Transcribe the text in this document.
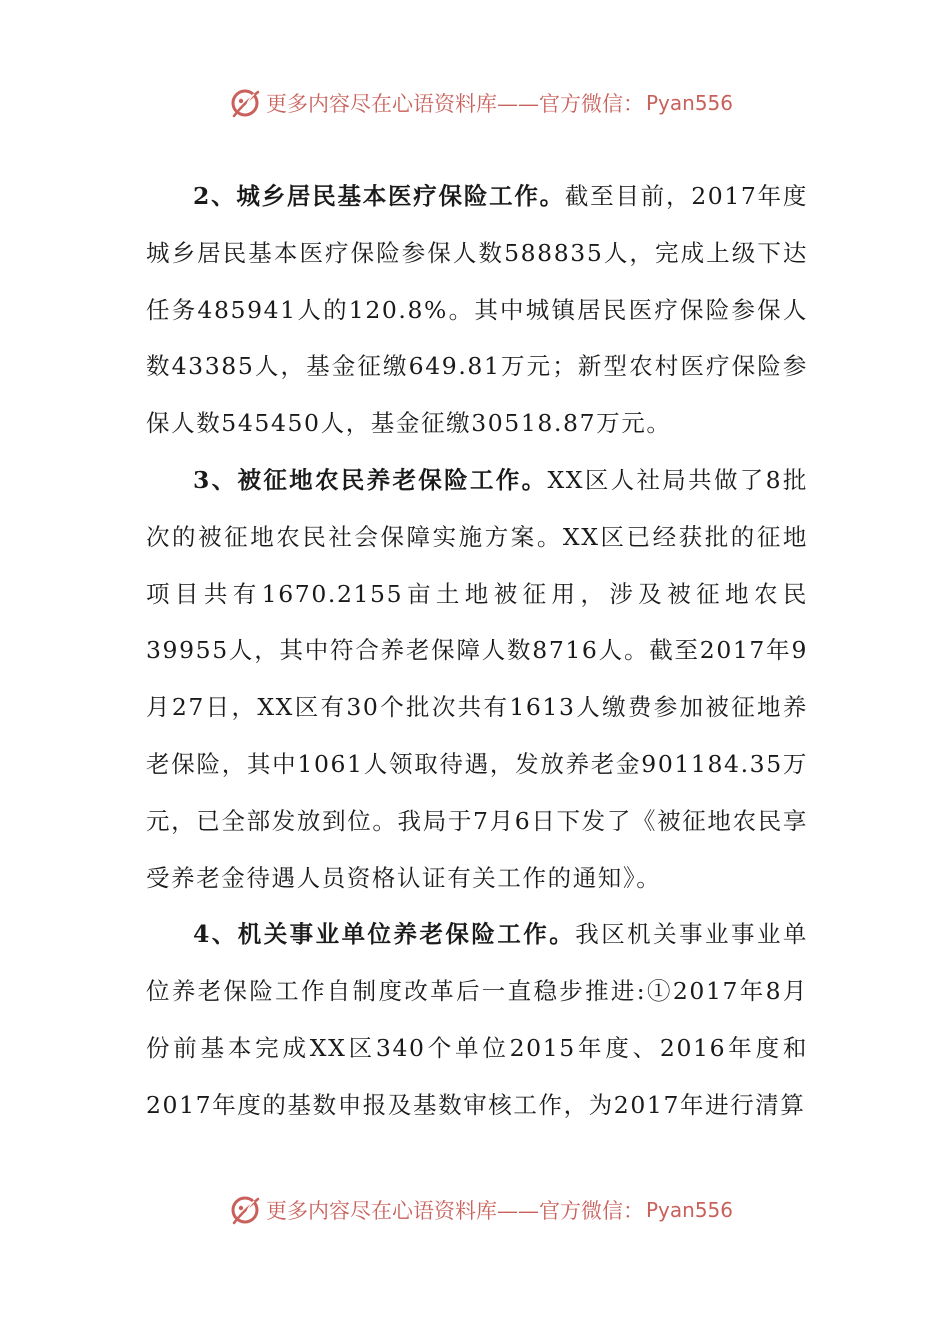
更多内容尽在心语资料库——官方微信： Pyan556

2、城乡居民基本医疗保险工作。截至目前，2017年度城乡居民基本医疗保险参保人数588835人，完成上级下达任务485941人的120.8%。其中城镇居民医疗保险参保人数43385人，基金征缴649.81万元；新型农村医疗保险参保人数545450人，基金征缴30518.87万元。

3、被征地农民养老保险工作。XX区人社局共做了8批次的被征地农民社会保障实施方案。XX区已经获批的征地项目共有1670.2155亩土地被征用，涉及被征地农民39955人，其中符合养老保障人数8716人。截至2017年9月27日，XX区有30个批次共有1613人缴费参加被征地养老保险，其中1061人领取待遇，发放养老金901184.35万元，已全部发放到位。我局于7月6日下发了《被征地农民享受养老金待遇人员资格认证有关工作的通知》。

4、机关事业单位养老保险工作。我区机关事业事业单位养老保险工作自制度改革后一直稳步推进:①2017年8月份前基本完成XX区340个单位2015年度、2016年度和2017年度的基数申报及基数审核工作，为2017年进行清算

更多内容尽在心语资料库——官方微信： Pyan556
